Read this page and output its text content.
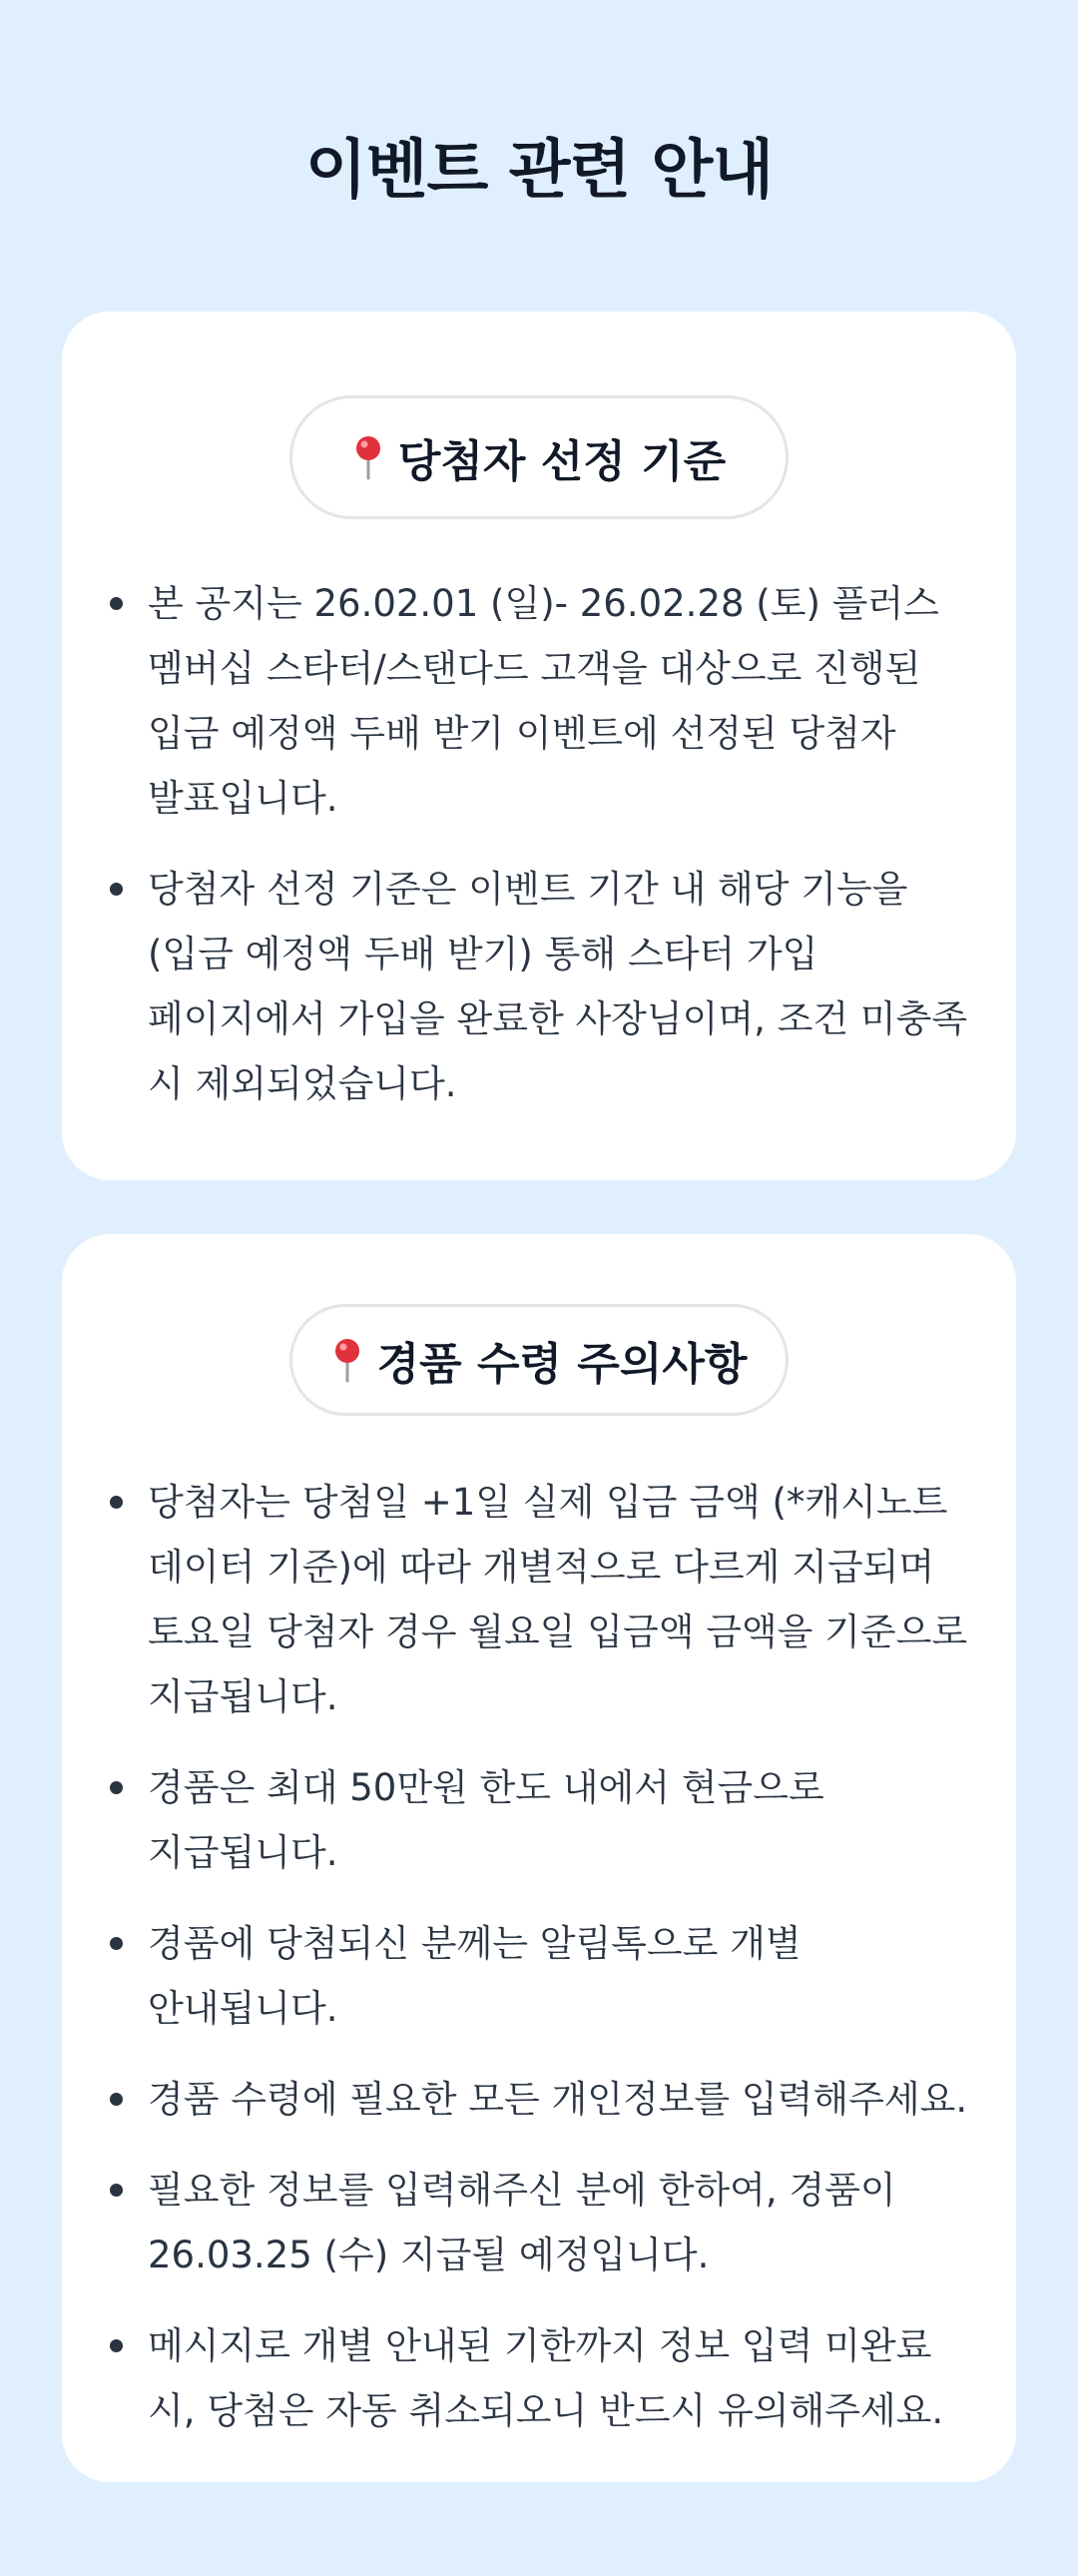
이벤트 관련 안내
당첨자 선정 기준
본 공지는 26.02.01 (일)- 26.02.28 (토) 플러스 멤버십 스타터/스탠다드 고객을 대상으로 진행된 입금 예정액 두배 받기 이벤트에 선정된 당첨자 발표입니다.
당첨자 선정 기준은 이벤트 기간 내 해당 기능을(입금 예정액 두배 받기) 통해 스타터 가입 페이지에서 가입을 완료한 사장님이며, 조건 미충족 시 제외되었습니다.
경품 수령 주의사항
당첨자는 당첨일 +1일 실제 입금 금액 (*캐시노트 데이터 기준)에 따라 개별적으로 다르게 지급되며 토요일 당첨자 경우 월요일 입금액 금액을 기준으로 지급됩니다.
경품은 최대 50만원 한도 내에서 현금으로 지급됩니다.
경품에 당첨되신 분께는 알림톡으로 개별 안내됩니다.
경품 수령에 필요한 모든 개인정보를 입력해주세요.
필요한 정보를 입력해주신 분에 한하여, 경품이 26.03.25 (수) 지급될 예정입니다.
메시지로 개별 안내된 기한까지 정보 입력 미완료 시, 당첨은 자동 취소되오니 반드시 유의해주세요.
